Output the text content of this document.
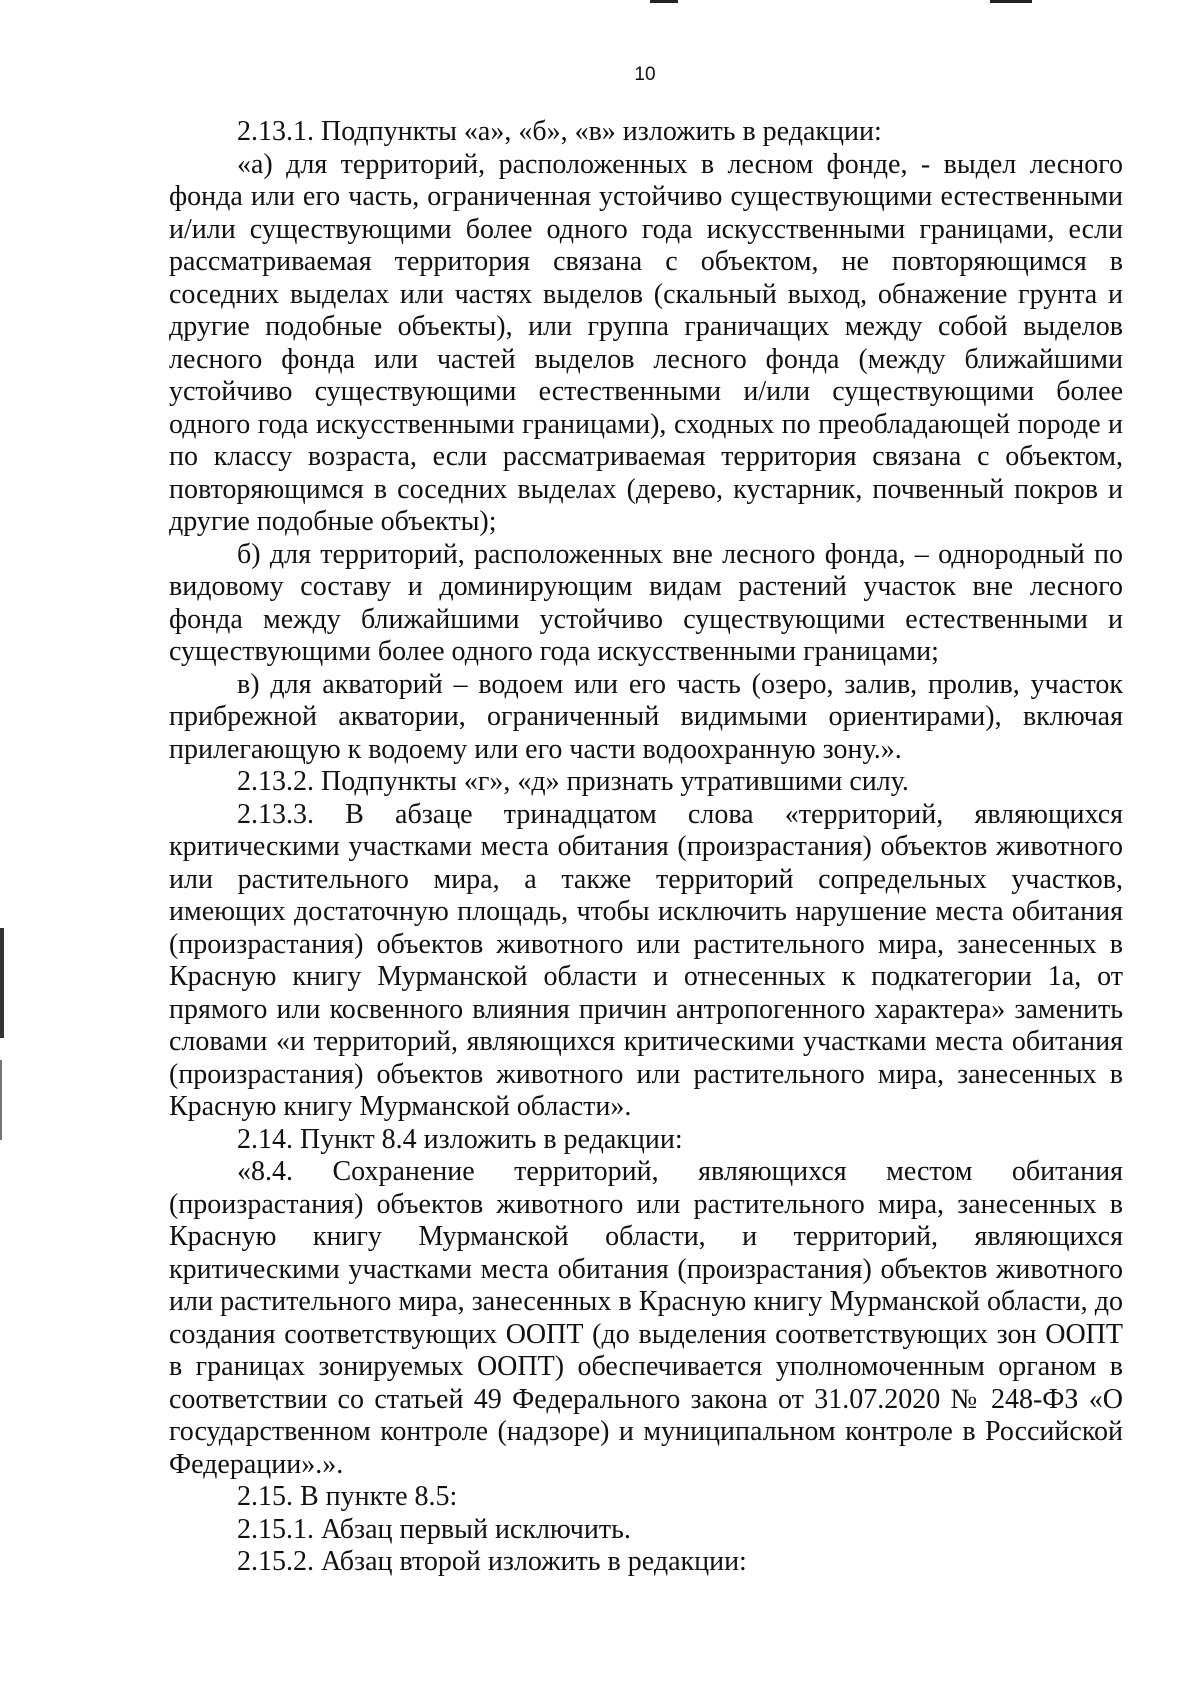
10

2.13.1. Подпункты «а», «б», «в» изложить в редакции:

«а) для территорий, расположенных в лесном фонде, - выдел лесного фонда или его часть, ограниченная устойчиво существующими естественными и/или существующими более одного года искусственными границами, если рассматриваемая территория связана с объектом, не повторяющимся в соседних выделах или частях выделов (скальный выход, обнажение грунта и другие подобные объекты), или группа граничащих между собой выделов лесного фонда или частей выделов лесного фонда (между ближайшими устойчиво существующими естественными и/или существующими более одного года искусственными границами), сходных по преобладающей породе и по классу возраста, если рассматриваемая территория связана с объектом, повторяющимся в соседних выделах (дерево, кустарник, почвенный покров и другие подобные объекты);

б) для территорий, расположенных вне лесного фонда, – однородный по видовому составу и доминирующим видам растений участок вне лесного фонда между ближайшими устойчиво существующими естественными и существующими более одного года искусственными границами;

в) для акваторий – водоем или его часть (озеро, залив, пролив, участок прибрежной акватории, ограниченный видимыми ориентирами), включая прилегающую к водоему или его части водоохранную зону.».

2.13.2. Подпункты «г», «д» признать утратившими силу.

2.13.3. В абзаце тринадцатом слова «территорий, являющихся критическими участками места обитания (произрастания) объектов животного или растительного мира, а также территорий сопредельных участков, имеющих достаточную площадь, чтобы исключить нарушение места обитания (произрастания) объектов животного или растительного мира, занесенных в Красную книгу Мурманской области и отнесенных к подкатегории 1а, от прямого или косвенного влияния причин антропогенного характера» заменить словами «и территорий, являющихся критическими участками места обитания (произрастания) объектов животного или растительного мира, занесенных в Красную книгу Мурманской области».

2.14. Пункт 8.4 изложить в редакции:

«8.4. Сохранение территорий, являющихся местом обитания (произрастания) объектов животного или растительного мира, занесенных в Красную книгу Мурманской области, и территорий, являющихся критическими участками места обитания (произрастания) объектов животного или растительного мира, занесенных в Красную книгу Мурманской области, до создания соответствующих ООПТ (до выделения соответствующих зон ООПТ в границах зонируемых ООПТ) обеспечивается уполномоченным органом в соответствии со статьей 49 Федерального закона от 31.07.2020 № 248-ФЗ «О государственном контроле (надзоре) и муниципальном контроле в Российской Федерации».».

2.15. В пункте 8.5:

2.15.1. Абзац первый исключить.

2.15.2. Абзац второй изложить в редакции:
